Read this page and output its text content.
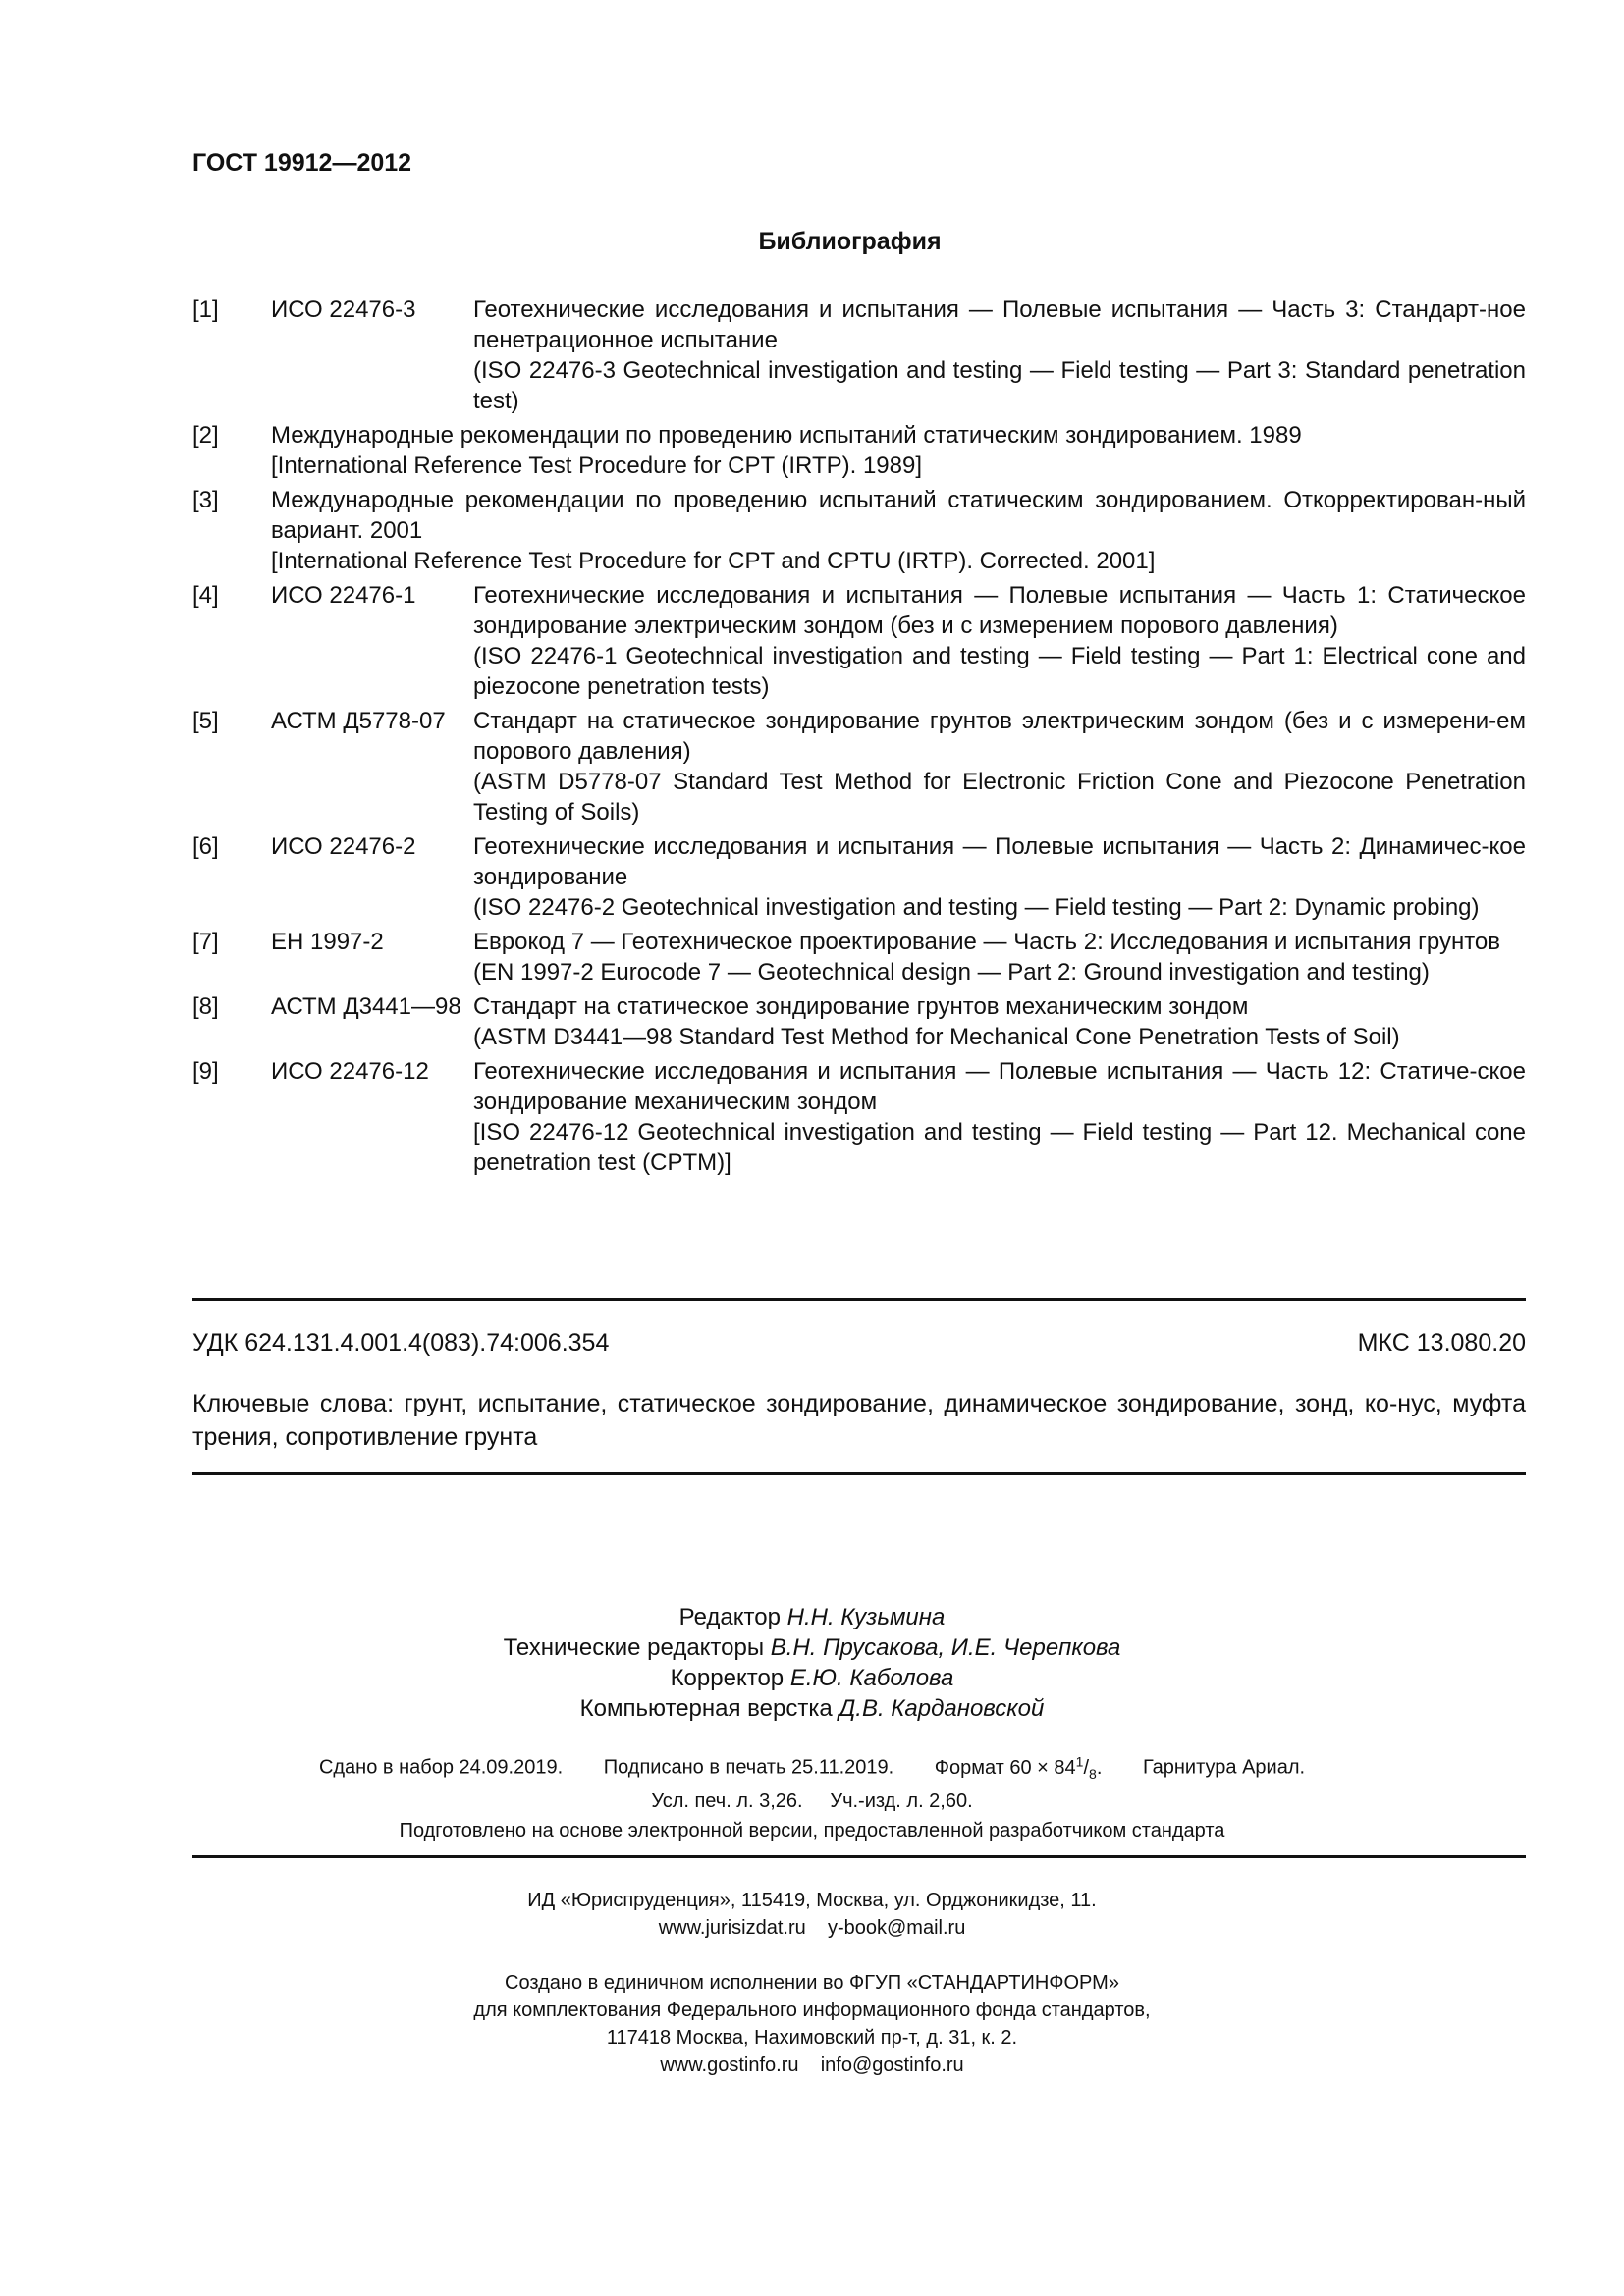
ГОСТ 19912—2012
Библиография
[1]	ИСО 22476-3	Геотехнические исследования и испытания — Полевые испытания — Часть 3: Стандарт-ное пенетрационное испытание
(ISO 22476-3 Geotechnical investigation and testing — Field testing — Part 3: Standard penetration test)
[2]	Международные рекомендации по проведению испытаний статическим зондированием. 1989
[International Reference Test Procedure for CPT (IRTP). 1989]
[3]	Международные рекомендации по проведению испытаний статическим зондированием. Откорректирован-ный вариант. 2001
[International Reference Test Procedure for CPT and CPTU (IRTP). Corrected. 2001]
[4]	ИСО 22476-1	Геотехнические исследования и испытания — Полевые испытания — Часть 1: Статическое зондирование электрическим зондом (без и с измерением порового давления)
(ISO 22476-1 Geotechnical investigation and testing — Field testing — Part 1: Electrical cone and piezocone penetration tests)
[5]	АСТМ Д5778-07	Стандарт на статическое зондирование грунтов электрическим зондом (без и с измерени-ем порового давления)
(ASTM D5778-07 Standard Test Method for Electronic Friction Cone and Piezocone Penetration Testing of Soils)
[6]	ИСО 22476-2	Геотехнические исследования и испытания — Полевые испытания — Часть 2: Динамичес-кое зондирование
(ISO 22476-2 Geotechnical investigation and testing — Field testing — Part 2: Dynamic probing)
[7]	ЕН 1997-2	Еврокод 7 — Геотехническое проектирование — Часть 2: Исследования и испытания грунтов
(EN 1997-2 Eurocode 7 — Geotechnical design — Part 2: Ground investigation and testing)
[8]	АСТМ Д3441—98 Стандарт на статическое зондирование грунтов механическим зондом
(ASTM D3441—98 Standard Test Method for Mechanical Cone Penetration Tests of Soil)
[9]	ИСО 22476-12	Геотехнические исследования и испытания — Полевые испытания — Часть 12: Статиче-ское зондирование механическим зондом
[ISO 22476-12 Geotechnical investigation and testing — Field testing — Part 12. Mechanical cone penetration test (CPTM)]
УДК 624.131.4.001.4(083).74:006.354	МКС 13.080.20
Ключевые слова: грунт, испытание, статическое зондирование, динамическое зондирование, зонд, ко-нус, муфта трения, сопротивление грунта
Редактор Н.Н. Кузьмина
Технические редакторы В.Н. Прусакова, И.Е. Черепкова
Корректор Е.Ю. Каболова
Компьютерная верстка Д.В. Кардановской
Сдано в набор 24.09.2019. Подписано в печать 25.11.2019. Формат $60 \times 84^1/_8$. Гарнитура Ариал.
Усл. печ. л. 3,26. Уч.-изд. л. 2,60.
Подготовлено на основе электронной версии, предоставленной разработчиком стандарта
ИД «Юриспруденция», 115419, Москва, ул. Орджоникидзе, 11.
www.jurisizdat.ru y-book@mail.ru
Создано в единичном исполнении во ФГУП «СТАНДАРТИНФОРМ»
для комплектования Федерального информационного фонда стандартов,
117418 Москва, Нахимовский пр-т, д. 31, к. 2.
www.gostinfo.ru info@gostinfo.ru
